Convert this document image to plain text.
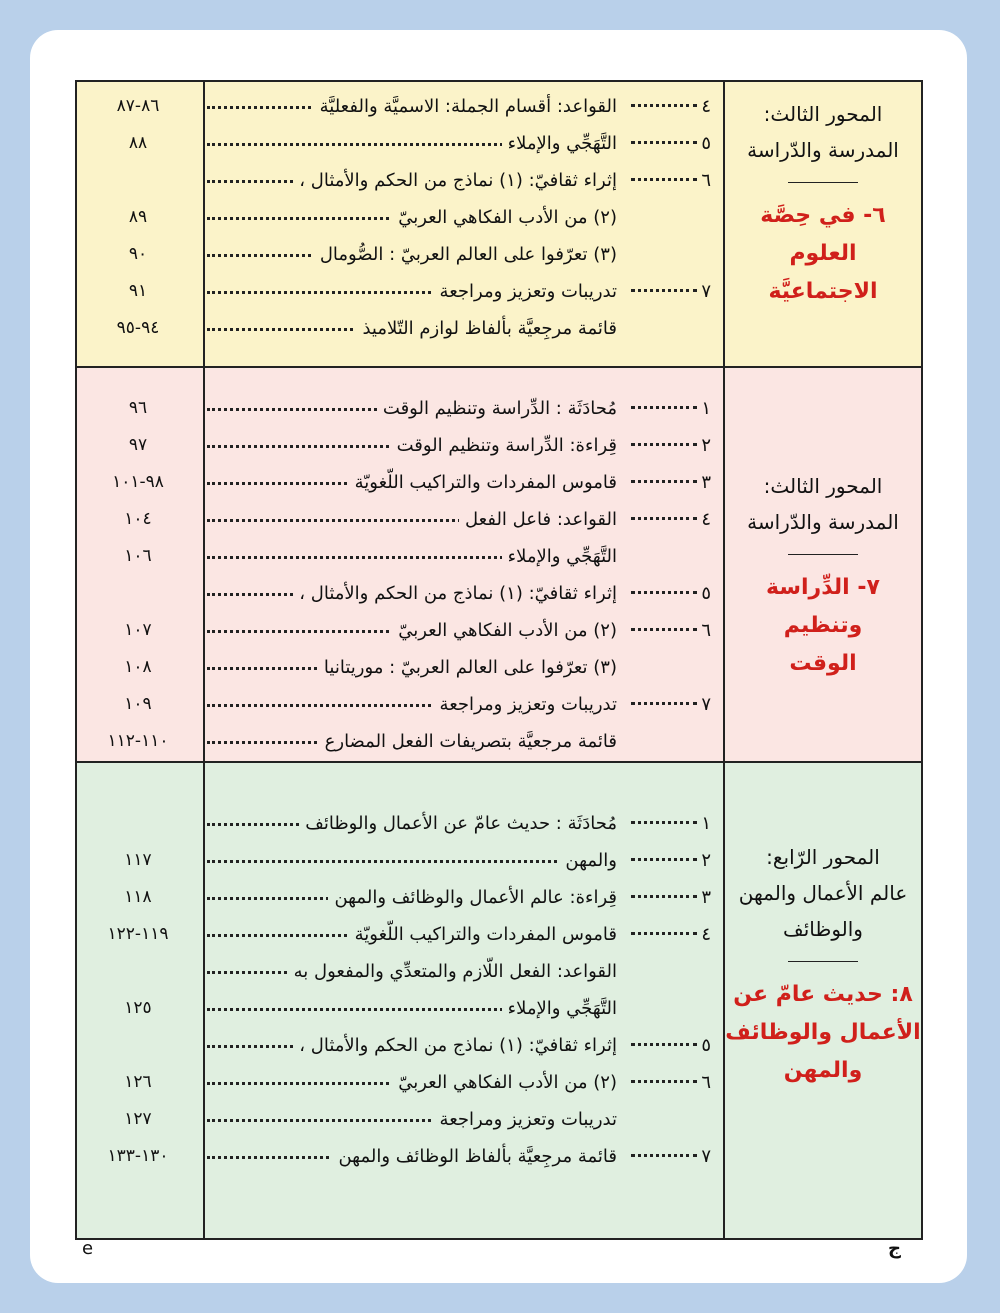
المحور الثالث:
المدرسة والدّراسة
٦- في حِصَّة العلوم
الاجتماعيَّة
٤
القواعد: أقسام الجملة: الاسميَّة والفعليَّة
٨٦-٨٧
٥
التَّهَجِّي والإملاء
٨٨
٦
إثراء ثقافيّ: (١) نماذج من الحكم والأمثال ،
(٢) من الأدب الفكاهي العربيّ
٨٩
(٣) تعرّفوا على العالم العربيّ : الصُّومال
٩٠
٧
تدريبات وتعزيز ومراجعة
٩١
قائمة مرجِعيَّة بألفاظ لوازم التّلاميذ
٩٤-٩٥
المحور الثالث:
المدرسة والدّراسة
٧- الدِّراسة وتنظيم
الوقت
١
مُحادَثَة : الدِّراسة وتنظيم الوقت
٩٦
٢
قِراءة: الدِّراسة وتنظيم الوقت
٩٧
٣
قاموس المفردات والتراكيب اللّغويّة
٩٨-١٠١
٤
القواعد: فاعل الفعل
١٠٤
التَّهَجِّي والإملاء
١٠٦
٥
إثراء ثقافيّ: (١) نماذج من الحكم والأمثال ،
٦
(٢) من الأدب الفكاهي العربيّ
١٠٧
(٣) تعرّفوا على العالم العربيّ : موريتانيا
١٠٨
٧
تدريبات وتعزيز ومراجعة
١٠٩
قائمة مرجعيَّة بتصريفات الفعل المضارع
١١٠-١١٢
المحور الرّابع:
عالم الأعمال والمهن
والوظائف
٨: حديث عامّ عن
الأعمال والوظائف
والمهن
١
مُحادَثَة : حديث عامّ عن الأعمال والوظائف
٢
والمهن
١١٧
٣
قِراءة: عالم الأعمال والوظائف والمهن
١١٨
٤
قاموس المفردات والتراكيب اللّغويّة
١١٩-١٢٢
القواعد: الفعل اللّازم والمتعدِّي والمفعول به
التَّهَجِّي والإملاء
١٢٥
٥
إثراء ثقافيّ: (١) نماذج من الحكم والأمثال ،
٦
(٢) من الأدب الفكاهي العربيّ
١٢٦
تدريبات وتعزيز ومراجعة
١٢٧
٧
قائمة مرجِعيَّة بألفاظ الوظائف والمهن
١٣٠-١٣٣
ج
e
